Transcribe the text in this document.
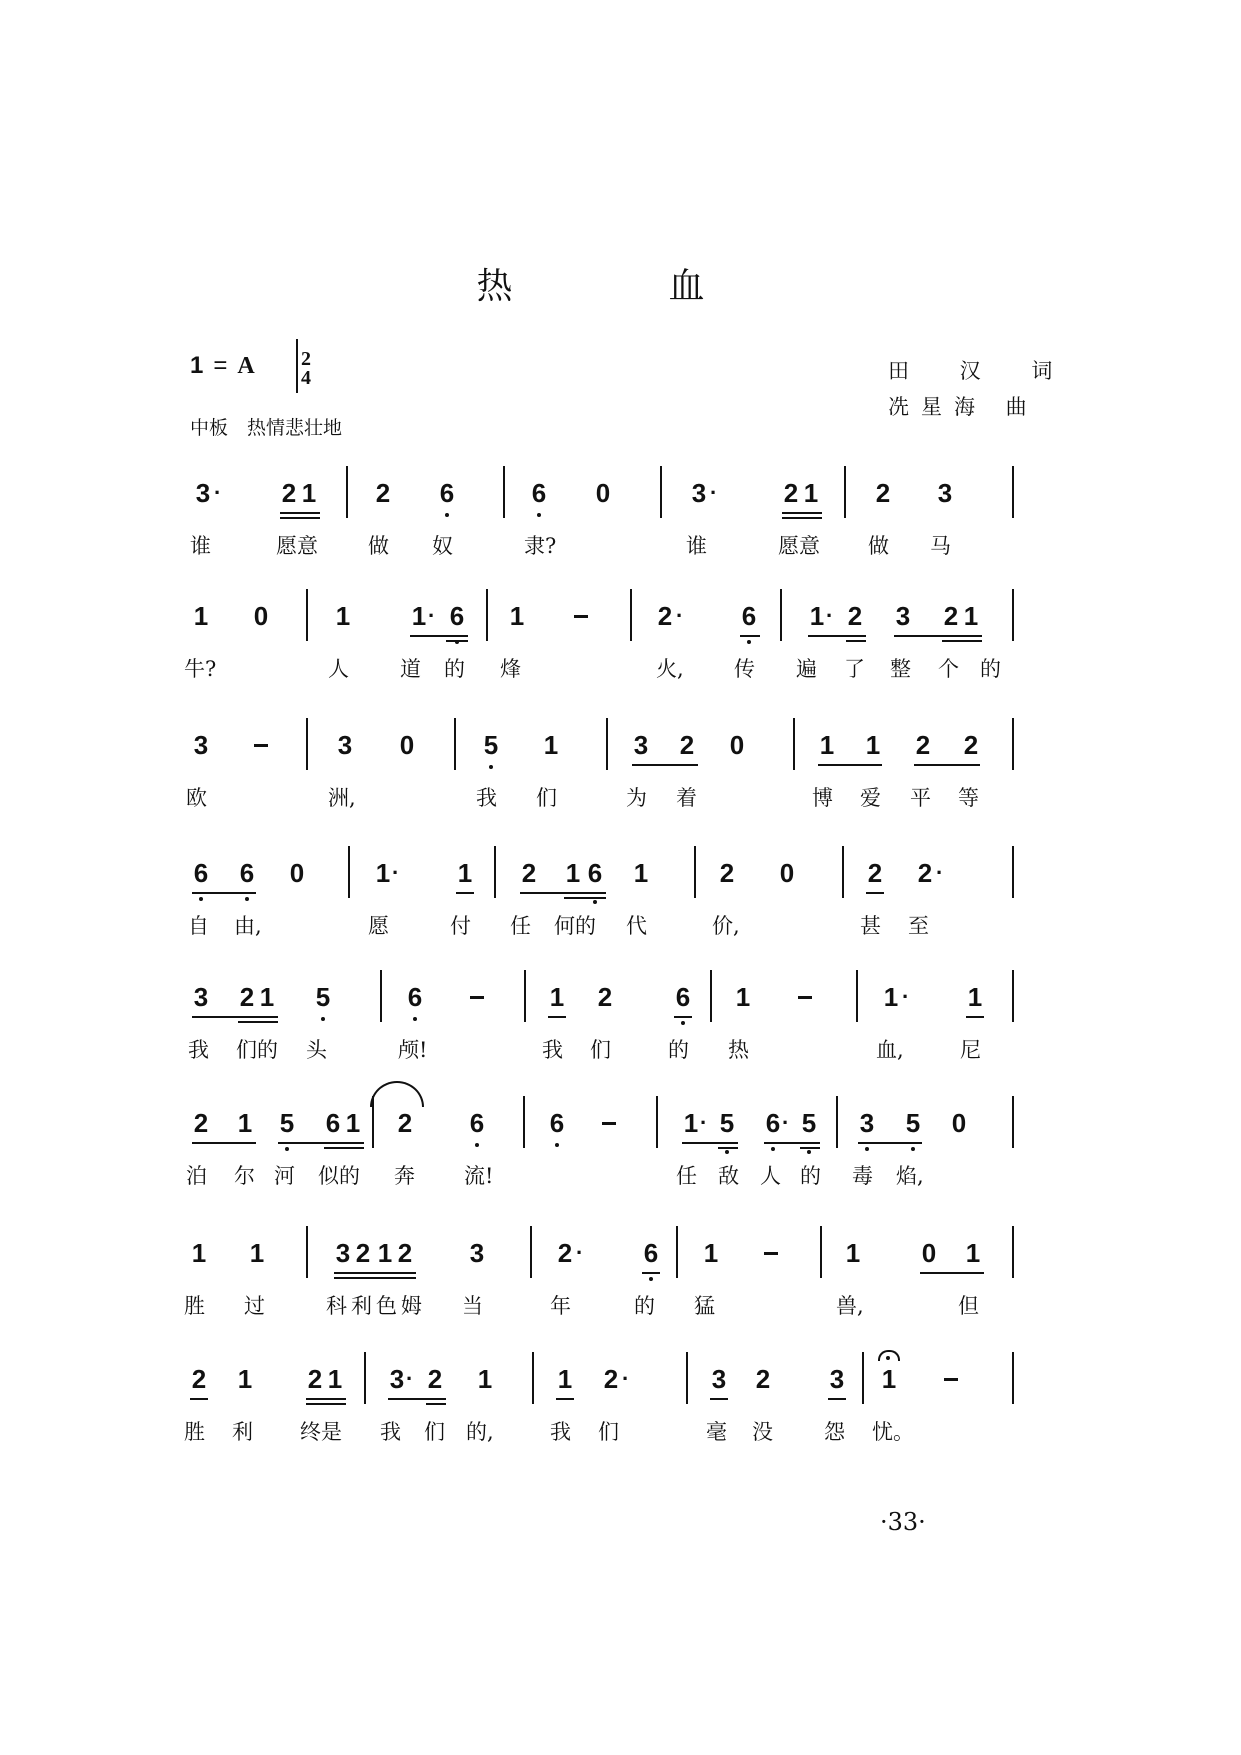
热　血
1 = A 2
4
中板　热情悲壮地
田 汉 词
冼星海 曲
3 · 2 1 2 6	6 0	3 ·	2 1 2 3
谁	愿意 做 奴	隶?	谁	愿意 做 马
1 0	1 1 · 6 1	2 · 6 1 · 2 3 2 1
牛?	人 道 的 烽	火, 传 遍 了 整 个 的
3	3 0	5 1	3 2 0	1 1 2 2
欧	洲,	我 们	为 着	博 爱 平 等
6 6 0	1 · 1 2 1 6 1	2 0	2 2 ·
自 由,	愿	付 任 何的 代	价,	甚 至
3 2 1 5	6	1 2 6 1	1 · 1
我 们的 头	颅!	我 们	的 热	血,	尼
2 1 5 6 1 2 6	6	1 · 5 6 · 5 3 5 0
泊 尔 河 似的 奔 流!	任 敌 人 的 毒 焰,
1 1	3 2 1 2 3	2 · 6 1	1 0 1
胜 过	科利色姆 当	年	的 猛	兽,	但
2 1 2 1 3 · 2 1	1 2 ·	3 2 3 1
胜 利 终是 我 们 的,	我 们	毫 没 怨 忧。
·33·
